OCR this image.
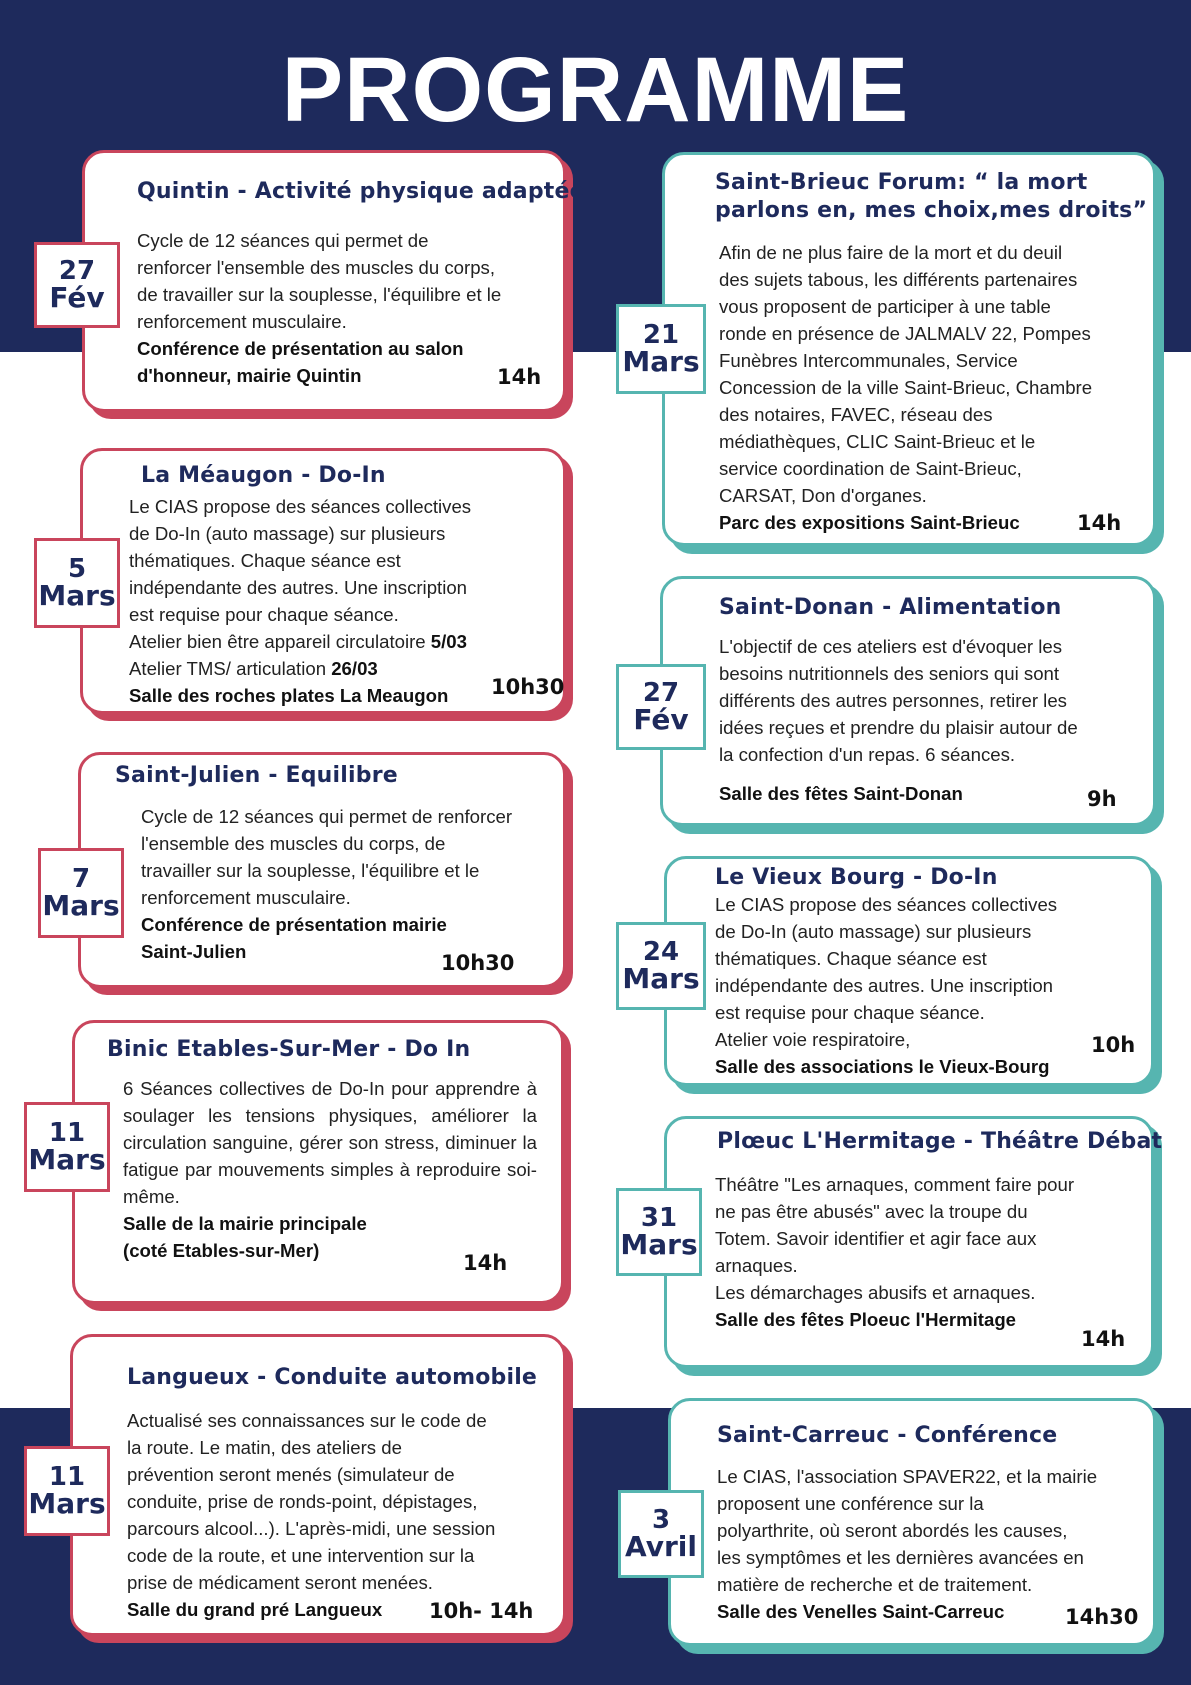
PROGRAMME
Quintin - Activité physique adaptée
Cycle de 12 séances qui permet de
renforcer l'ensemble des muscles du corps,
de travailler sur la souplesse, l'équilibre et le
renforcement musculaire.
Conférence de présentation au salon
d'honneur, mairie Quintin	14h
27
Fév
La Méaugon - Do-In
Le CIAS propose des séances collectives
de Do-In (auto massage) sur plusieurs
thématiques. Chaque séance est
indépendante des autres. Une inscription
est requise pour chaque séance.
Atelier bien être appareil circulatoire 5/03
Atelier TMS/ articulation 26/03
Salle des roches plates La Meaugon	10h30
5
Mars
Saint-Julien - Equilibre
Cycle de 12 séances qui permet de renforcer
l'ensemble des muscles du corps, de
travailler sur la souplesse, l'équilibre et le
renforcement musculaire.
Conférence de présentation mairie
Saint-Julien	10h30
7
Mars
Binic Etables-Sur-Mer - Do In
6 Séances collectives de Do-In pour apprendre à soulager les tensions physiques, améliorer la circulation sanguine, gérer son stress, diminuer la fatigue par mouvements simples à reproduire soi-même.
Salle de la mairie principale
(coté Etables-sur-Mer)
14h
11
Mars
Langueux - Conduite automobile
Actualisé ses connaissances sur le code de
la route. Le matin, des ateliers de
prévention seront menés (simulateur de
conduite, prise de ronds-point, dépistages,
parcours alcool...). L'après-midi, une session
code de la route, et une intervention sur la
prise de médicament seront menées.
Salle du grand pré Langueux	10h- 14h
11
Mars
Saint-Brieuc Forum: “ la mort
parlons en, mes choix,mes droits”
Afin de ne plus faire de la mort et du deuil
des sujets tabous, les différents partenaires
vous proposent de participer à une table
ronde en présence de JALMALV 22, Pompes
Funèbres Intercommunales, Service
Concession de la ville Saint-Brieuc, Chambre
des notaires, FAVEC, réseau des
médiathèques, CLIC Saint-Brieuc et le
service coordination de Saint-Brieuc,
CARSAT, Don d'organes.
Parc des expositions Saint-Brieuc	14h
21
Mars
Saint-Donan - Alimentation
L'objectif de ces ateliers est d'évoquer les
besoins nutritionnels des seniors qui sont
différents des autres personnes, retirer les
idées reçues et prendre du plaisir autour de
la confection d'un repas. 6 séances.
Salle des fêtes Saint-Donan	9h
27
Fév
Le Vieux Bourg - Do-In
Le CIAS propose des séances collectives
de Do-In (auto massage) sur plusieurs
thématiques. Chaque séance est
indépendante des autres. Une inscription
est requise pour chaque séance.
Atelier voie respiratoire,
Salle des associations le Vieux-Bourg
10h
24
Mars
Plœuc L'Hermitage - Théâtre Débat
Théâtre "Les arnaques, comment faire pour
ne pas être abusés" avec la troupe du
Totem. Savoir identifier et agir face aux
arnaques.
Les démarchages abusifs et arnaques.
Salle des fêtes Ploeuc l'Hermitage
14h
31
Mars
Saint-Carreuc - Conférence
Le CIAS, l'association SPAVER22, et la mairie
proposent une conférence sur la
polyarthrite, où seront abordés les causes,
les symptômes et les dernières avancées en
matière de recherche et de traitement.
Salle des Venelles Saint-Carreuc	14h30
3
Avril
